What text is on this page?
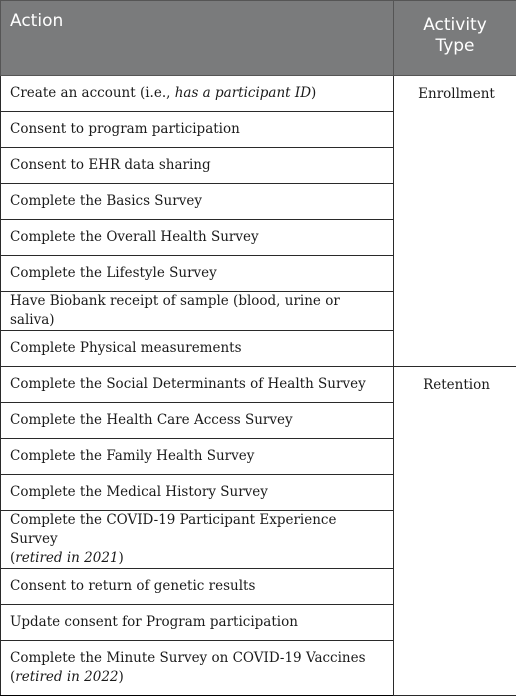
Action	Activity
Type
Create an account (i.e., has a participant ID)	Enrollment
Consent to program participation	
Consent to EHR data sharing	
Complete the Basics Survey	
Complete the Overall Health Survey	
Complete the Lifestyle Survey	
Have Biobank receipt of sample (blood, urine or saliva)	
Complete Physical measurements	
Complete the Social Determinants of Health Survey	Retention
Complete the Health Care Access Survey	
Complete the Family Health Survey	
Complete the Medical History Survey	
Complete the COVID-19 Participant Experience Survey
(retired in 2021)	
Consent to return of genetic results	
Update consent for Program participation	
Complete the Minute Survey on COVID-19 Vaccines
(retired in 2022)	
